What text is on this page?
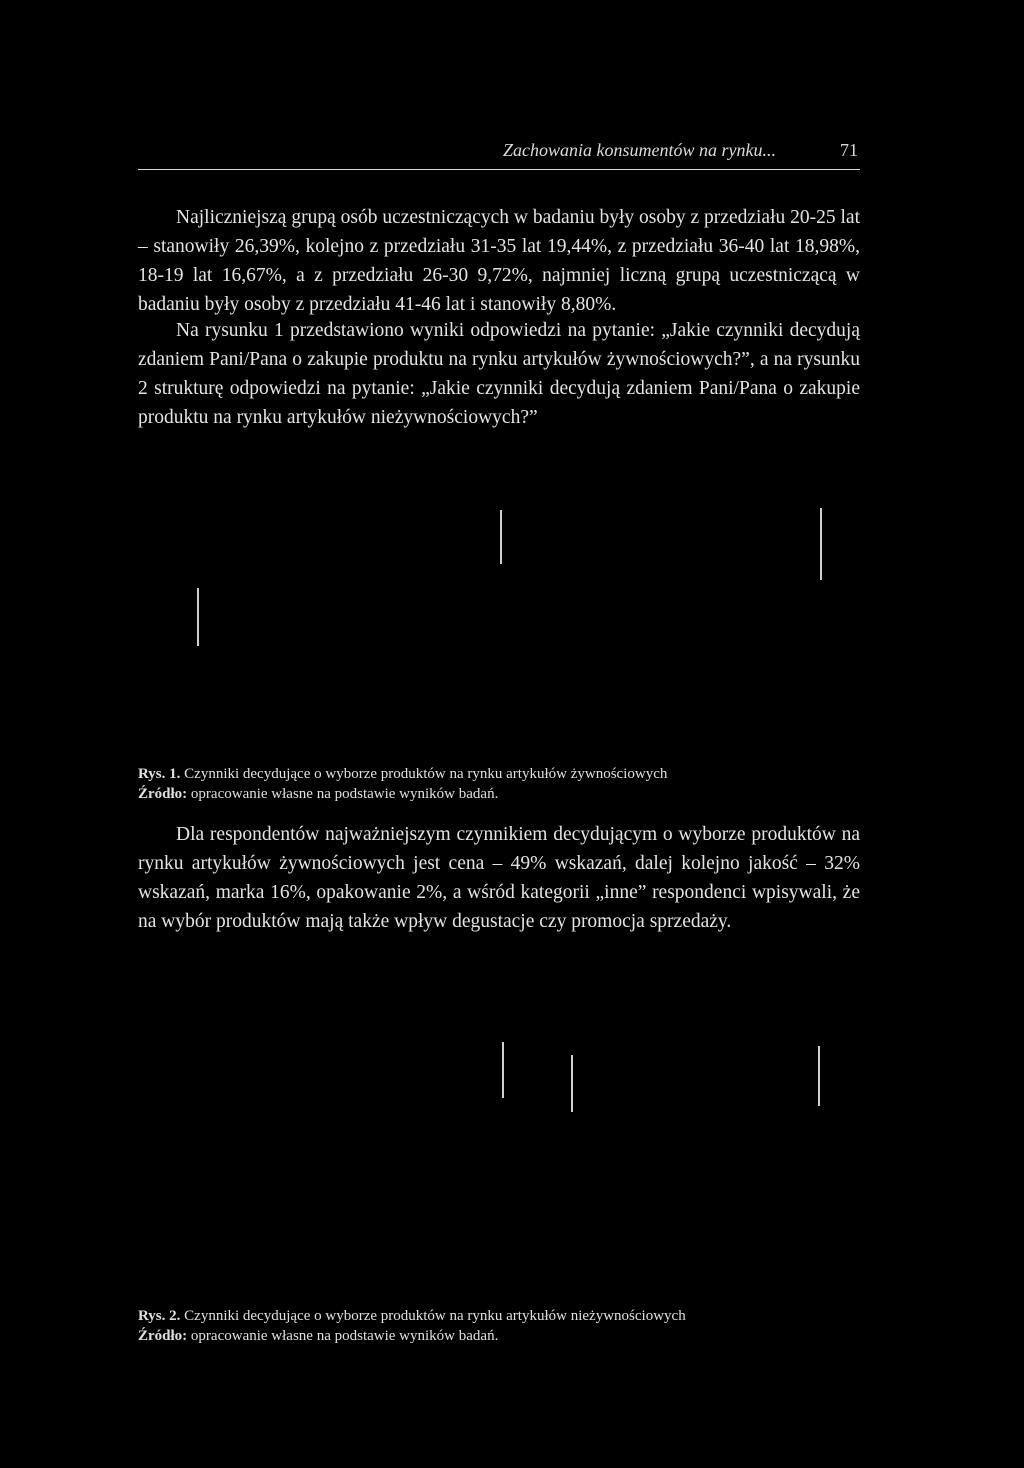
Zachowania konsumentów na rynku...	71

Najliczniejszą grupą osób uczestniczących w badaniu były osoby z przedziału 20-25 lat – stanowiły 26,39%, kolejno z przedziału 31-35 lat 19,44%, z przedziału 36-40 lat 18,98%, 18-19 lat 16,67%, a z przedziału 26-30 9,72%, najmniej liczną grupą uczestniczącą w badaniu były osoby z przedziału 41-46 lat i stanowiły 8,80%.

Na rysunku 1 przedstawiono wyniki odpowiedzi na pytanie: „Jakie czynniki decydują zdaniem Pani/Pana o zakupie produktu na rynku artykułów żywnościowych?”, a na rysunku 2 strukturę odpowiedzi na pytanie: „Jakie czynniki decydują zdaniem Pani/Pana o zakupie produktu na rynku artykułów nieżywnościowych?”

Rys. 1. Czynniki decydujące o wyborze produktów na rynku artykułów żywnościowych

Źródło: opracowanie własne na podstawie wyników badań.

Dla respondentów najważniejszym czynnikiem decydującym o wyborze produktów na rynku artykułów żywnościowych jest cena – 49% wskazań, dalej kolejno jakość – 32% wskazań, marka 16%, opakowanie 2%, a wśród kategorii „inne” respondenci wpisywali, że na wybór produktów mają także wpływ degustacje czy promocja sprzedaży.

Rys. 2. Czynniki decydujące o wyborze produktów na rynku artykułów nieżywnościowych

Źródło: opracowanie własne na podstawie wyników badań.
